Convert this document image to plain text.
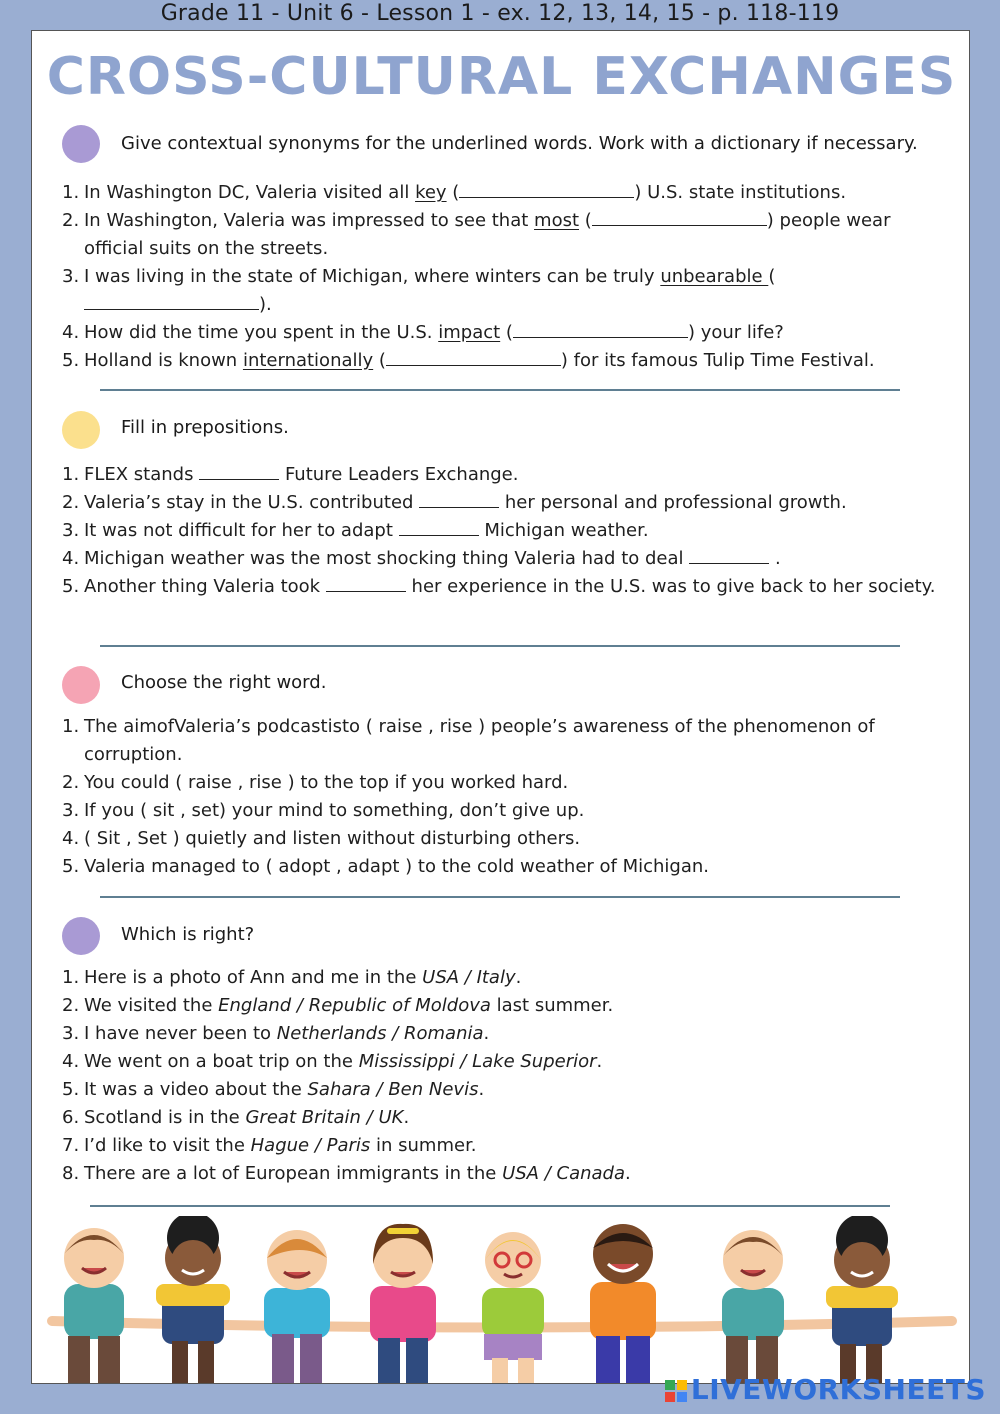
Grade 11 - Unit 6 - Lesson 1 - ex. 12, 13, 14, 15 - p. 118-119
CROSS-CULTURAL EXCHANGES
Give contextual synonyms for the underlined words. Work with a dictionary if necessary.
1. In Washington DC, Valeria visited all key (	) U.S. state institutions.
2. In Washington, Valeria was impressed to see that most (	) people wear official suits on the streets.
3. I was living in the state of Michigan, where winters can be truly unbearable ().
4. How did the time you spent in the U.S. impact (	) your life?
5. Holland is known internationally (	) for its famous Tulip Time Festival.
Fill in prepositions.
1. FLEX stands	Future Leaders Exchange.
2. Valeria’s stay in the U.S. contributed	her personal and professional growth.
3. It was not difficult for her to adapt	Michigan weather.
4. Michigan weather was the most shocking thing Valeria had to deal	.
5. Another thing Valeria took	her experience in the U.S. was to give back to her society.
Choose the right word.
1. The aimofValeria’s podcastisto ( raise , rise ) people’s awareness of the phenomenon of corruption.
2. You could ( raise , rise ) to the top if you worked hard.
3. If you ( sit , set) your mind to something, don’t give up.
4. ( Sit , Set ) quietly and listen without disturbing others.
5. Valeria managed to ( adopt , adapt ) to the cold weather of Michigan.
Which is right?
1. Here is a photo of Ann and me in the USA / Italy.
2. We visited the England / Republic of Moldova last summer.
3. I have never been to Netherlands / Romania.
4. We went on a boat trip on the Mississippi / Lake Superior.
5. It was a video about the Sahara / Ben Nevis.
6. Scotland is in the Great Britain / UK.
7. I’d like to visit the Hague / Paris in summer.
8. There are a lot of European immigrants in the USA / Canada.
LIVEWORKSHEETS
